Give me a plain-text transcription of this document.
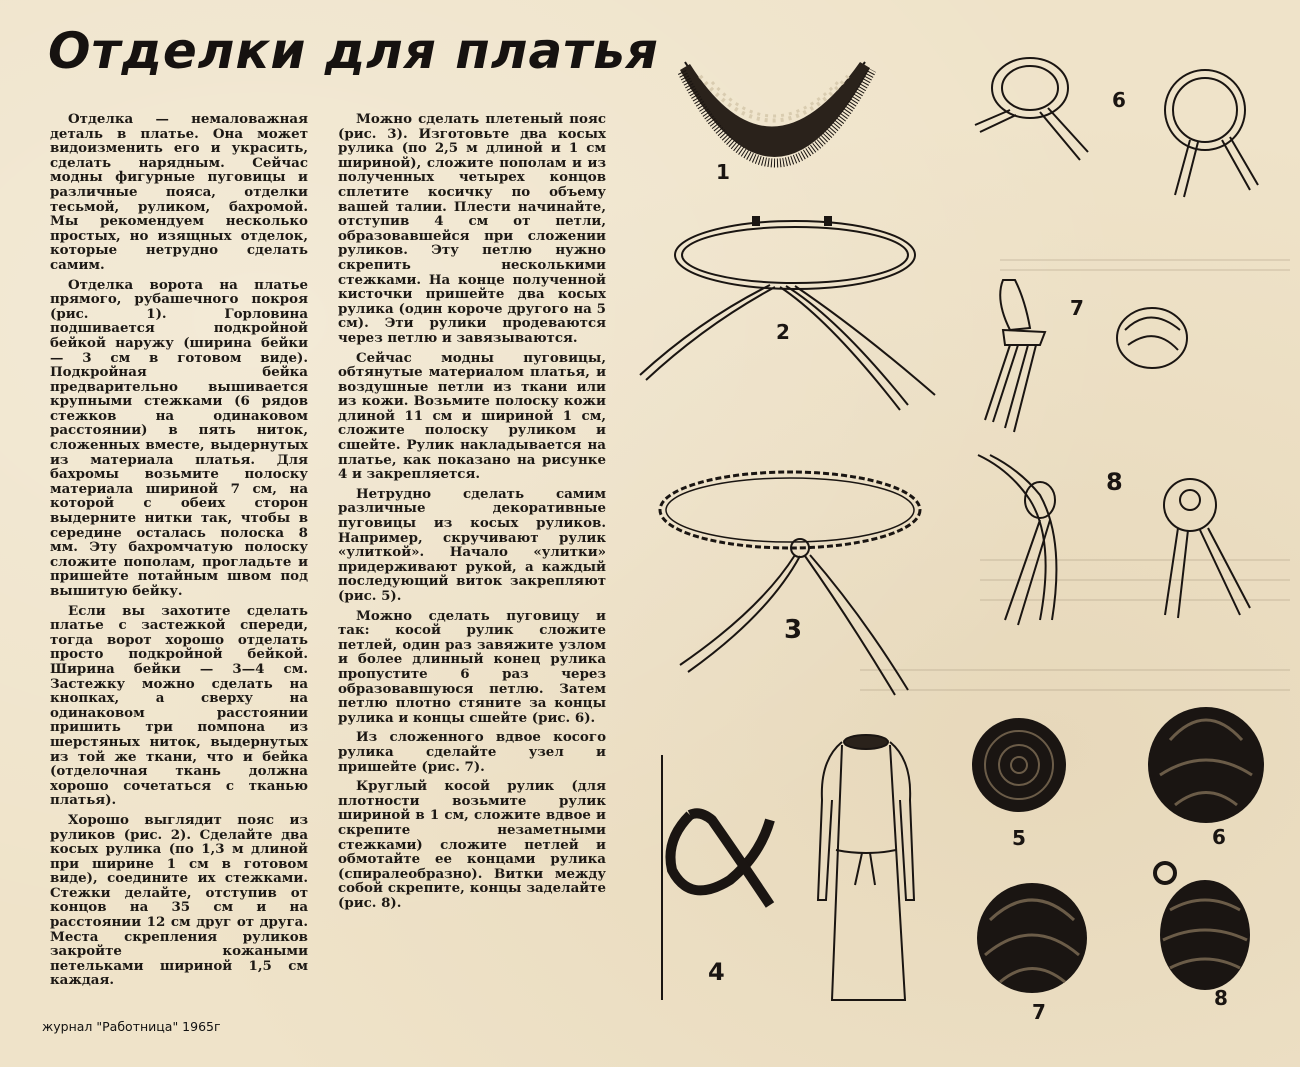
Отделки для платья

Отделка — немаловажная деталь в платье. Она может видоизменить его и украсить, сделать нарядным. Сейчас модны фигурные пуговицы и различные пояса, отделки тесьмой, руликом, бахромой. Мы рекомендуем несколько простых, но изящных отделок, которые нетрудно сделать самим.

Отделка ворота на платье прямого, рубашечного покроя (рис. 1). Горловина подшивается подкройной бейкой наружу (ширина бейки — 3 см в готовом виде). Подкройная бейка предварительно вышивается крупными стежками (6 рядов стежков на одинаковом расстоянии) в пять ниток, сложенных вместе, выдернутых из материала платья. Для бахромы возьмите полоску материала шириной 7 см, на которой с обеих сторон выдерните нитки так, чтобы в середине осталась полоска 8 мм. Эту бахромчатую полоску сложите пополам, прогладьте и пришейте потайным швом под вышитую бейку.

Если вы захотите сделать платье с застежкой спереди, тогда ворот хорошо отделать просто подкройной бейкой. Ширина бейки — 3—4 см. Застежку можно сделать на кнопках, а сверху на одинаковом расстоянии пришить три помпона из шерстяных ниток, выдернутых из той же ткани, что и бейка (отделочная ткань должна хорошо сочетаться с тканью платья).

Хорошо выглядит пояс из руликов (рис. 2). Сделайте два косых рулика (по 1,3 м длиной при ширине 1 см в готовом виде), соедините их стежками. Стежки делайте, отступив от концов на 35 см и на расстоянии 12 см друг от друга. Места скрепления руликов закройте кожаными петельками шириной 1,5 см каждая.

Можно сделать плетеный пояс (рис. 3). Изготовьте два косых рулика (по 2,5 м длиной и 1 см шириной), сложите пополам и из полученных четырех концов сплетите косичку по объему вашей талии. Плести начинайте, отступив 4 см от петли, образовавшейся при сложении руликов. Эту петлю нужно скрепить несколькими стежками. На конце полученной кисточки пришейте два косых рулика (один короче другого на 5 см). Эти рулики продеваются через петлю и завязываются.

Сейчас модны пуговицы, обтянутые материалом платья, и воздушные петли из ткани или из кожи. Возьмите полоску кожи длиной 11 см и шириной 1 см, сложите полоску руликом и сшейте. Рулик накладывается на платье, как показано на рисунке 4 и закрепляется.

Нетрудно сделать самим различные декоративные пуговицы из косых руликов. Например, скручивают рулик «улиткой». Начало «улитки» придерживают рукой, а каждый последующий виток закрепляют (рис. 5).

Можно сделать пуговицу и так: косой рулик сложите петлей, один раз завяжите узлом и более длинный конец рулика пропустите 6 раз через образовавшуюся петлю. Затем петлю плотно стяните за концы рулика и концы сшейте (рис. 6).

Из сложенного вдвое косого рулика сделайте узел и пришейте (рис. 7).

Круглый косой рулик (для плотности возьмите рулик шириной в 1 см, сложите вдвое и скрепите незаметными стежками) сложите петлей и обмотайте ее концами рулика (спиралеобразно). Витки между собой скрепите, концы заделайте (рис. 8).

1
2
3
4
6
7
8
5	6
7
8
журнал "Работница" 1965г
